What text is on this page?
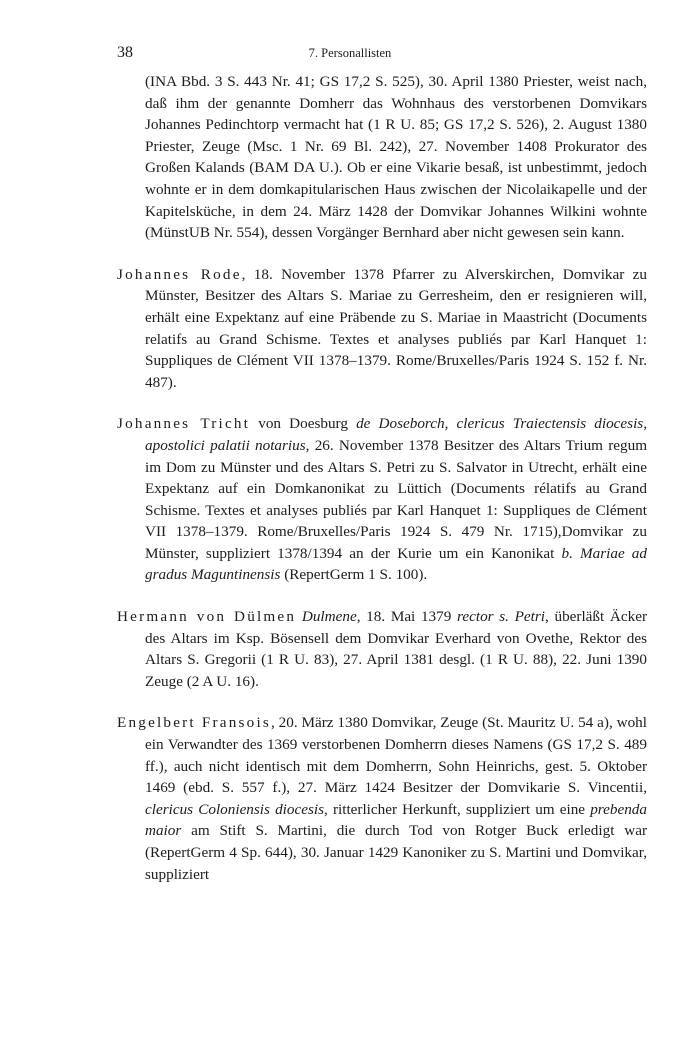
38	7. Personallisten

(INA Bbd. 3 S. 443 Nr. 41; GS 17,2 S. 525), 30. April 1380 Priester, weist nach, daß ihm der genannte Domherr das Wohnhaus des verstorbenen Domvikars Johannes Pedinchtorp vermacht hat (1 R U. 85; GS 17,2 S. 526), 2. August 1380 Priester, Zeuge (Msc. 1 Nr. 69 Bl. 242), 27. November 1408 Prokurator des Großen Kalands (BAM DA U.). Ob er eine Vikarie besaß, ist unbestimmt, jedoch wohnte er in dem domkapitularischen Haus zwischen der Nicolaikapelle und der Kapitelsküche, in dem 24. März 1428 der Domvikar Johannes Wilkini wohnte (MünstUB Nr. 554), dessen Vorgänger Bernhard aber nicht gewesen sein kann.

Johannes Rode, 18. November 1378 Pfarrer zu Alverskirchen, Domvikar zu Münster, Besitzer des Altars S. Mariae zu Gerresheim, den er resignieren will, erhält eine Expektanz auf eine Präbende zu S. Mariae in Maastricht (Documents relatifs au Grand Schisme. Textes et analyses publiés par Karl Hanquet 1: Suppliques de Clément VII 1378–1379. Rome/Bruxelles/Paris 1924 S. 152 f. Nr. 487).

Johannes Tricht von Doesburg de Doseborch, clericus Traiectensis diocesis, apostolici palatii notarius, 26. November 1378 Besitzer des Altars Trium regum im Dom zu Münster und des Altars S. Petri zu S. Salvator in Utrecht, erhält eine Expektanz auf ein Domkanonikat zu Lüttich (Documents rélatifs au Grand Schisme. Textes et analyses publiés par Karl Hanquet 1: Suppliques de Clément VII 1378–1379. Rome/Bruxelles/Paris 1924 S. 479 Nr. 1715),Domvikar zu Münster, suppliziert 1378/1394 an der Kurie um ein Kanonikat b. Mariae ad gradus Maguntinensis (RepertGerm 1 S. 100).

Hermann von Dülmen Dulmene, 18. Mai 1379 rector s. Petri, überläßt Äcker des Altars im Ksp. Bösensell dem Domvikar Everhard von Ovethe, Rektor des Altars S. Gregorii (1 R U. 83), 27. April 1381 desgl. (1 R U. 88), 22. Juni 1390 Zeuge (2 A U. 16).

Engelbert Fransois, 20. März 1380 Domvikar, Zeuge (St. Mauritz U. 54 a), wohl ein Verwandter des 1369 verstorbenen Domherrn dieses Namens (GS 17,2 S. 489 ff.), auch nicht identisch mit dem Domherrn, Sohn Heinrichs, gest. 5. Oktober 1469 (ebd. S. 557 f.), 27. März 1424 Besitzer der Domvikarie S. Vincentii, clericus Coloniensis diocesis, ritterlicher Herkunft, suppliziert um eine prebenda maior am Stift S. Martini, die durch Tod von Rotger Buck erledigt war (RepertGerm 4 Sp. 644), 30. Januar 1429 Kanoniker zu S. Martini und Domvikar, suppliziert
